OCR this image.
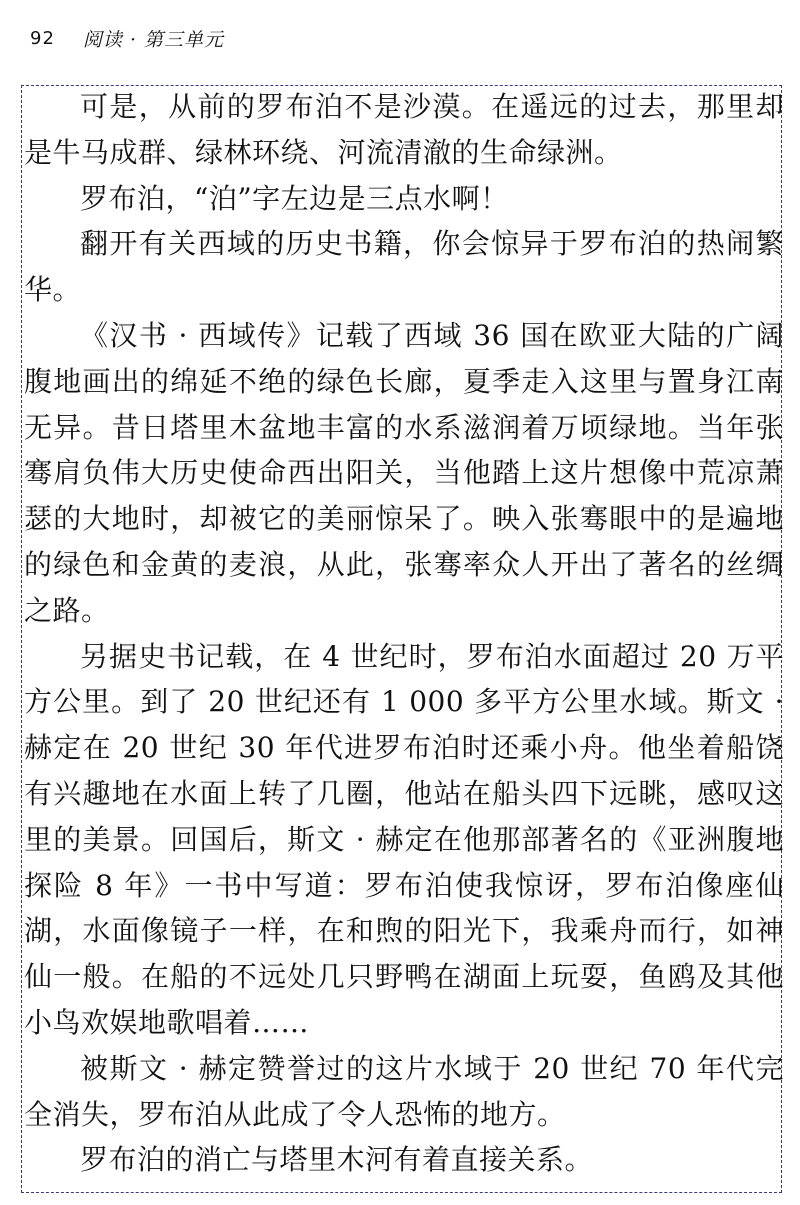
92 阅读 · 第三单元

可是，从前的罗布泊不是沙漠。在遥远的过去，那里却是牛马成群、绿林环绕、河流清澈的生命绿洲。

罗布泊，“泊”字左边是三点水啊！

翻开有关西域的历史书籍，你会惊异于罗布泊的热闹繁华。

《汉书 · 西域传》记载了西域 36 国在欧亚大陆的广阔腹地画出的绵延不绝的绿色长廊，夏季走入这里与置身江南无异。昔日塔里木盆地丰富的水系滋润着万顷绿地。当年张骞肩负伟大历史使命西出阳关，当他踏上这片想像中荒凉萧瑟的大地时，却被它的美丽惊呆了。映入张骞眼中的是遍地的绿色和金黄的麦浪，从此，张骞率众人开出了著名的丝绸之路。

另据史书记载，在 4 世纪时，罗布泊水面超过 20 万平方公里。到了 20 世纪还有 1 000 多平方公里水域。斯文 · 赫定在 20 世纪 30 年代进罗布泊时还乘小舟。他坐着船饶有兴趣地在水面上转了几圈，他站在船头四下远眺，感叹这里的美景。回国后，斯文 · 赫定在他那部著名的《亚洲腹地探险 8 年》一书中写道：罗布泊使我惊讶，罗布泊像座仙湖，水面像镜子一样，在和煦的阳光下，我乘舟而行，如神仙一般。在船的不远处几只野鸭在湖面上玩耍，鱼鸥及其他小鸟欢娱地歌唱着……

被斯文 · 赫定赞誉过的这片水域于 20 世纪 70 年代完全消失，罗布泊从此成了令人恐怖的地方。

罗布泊的消亡与塔里木河有着直接关系。
